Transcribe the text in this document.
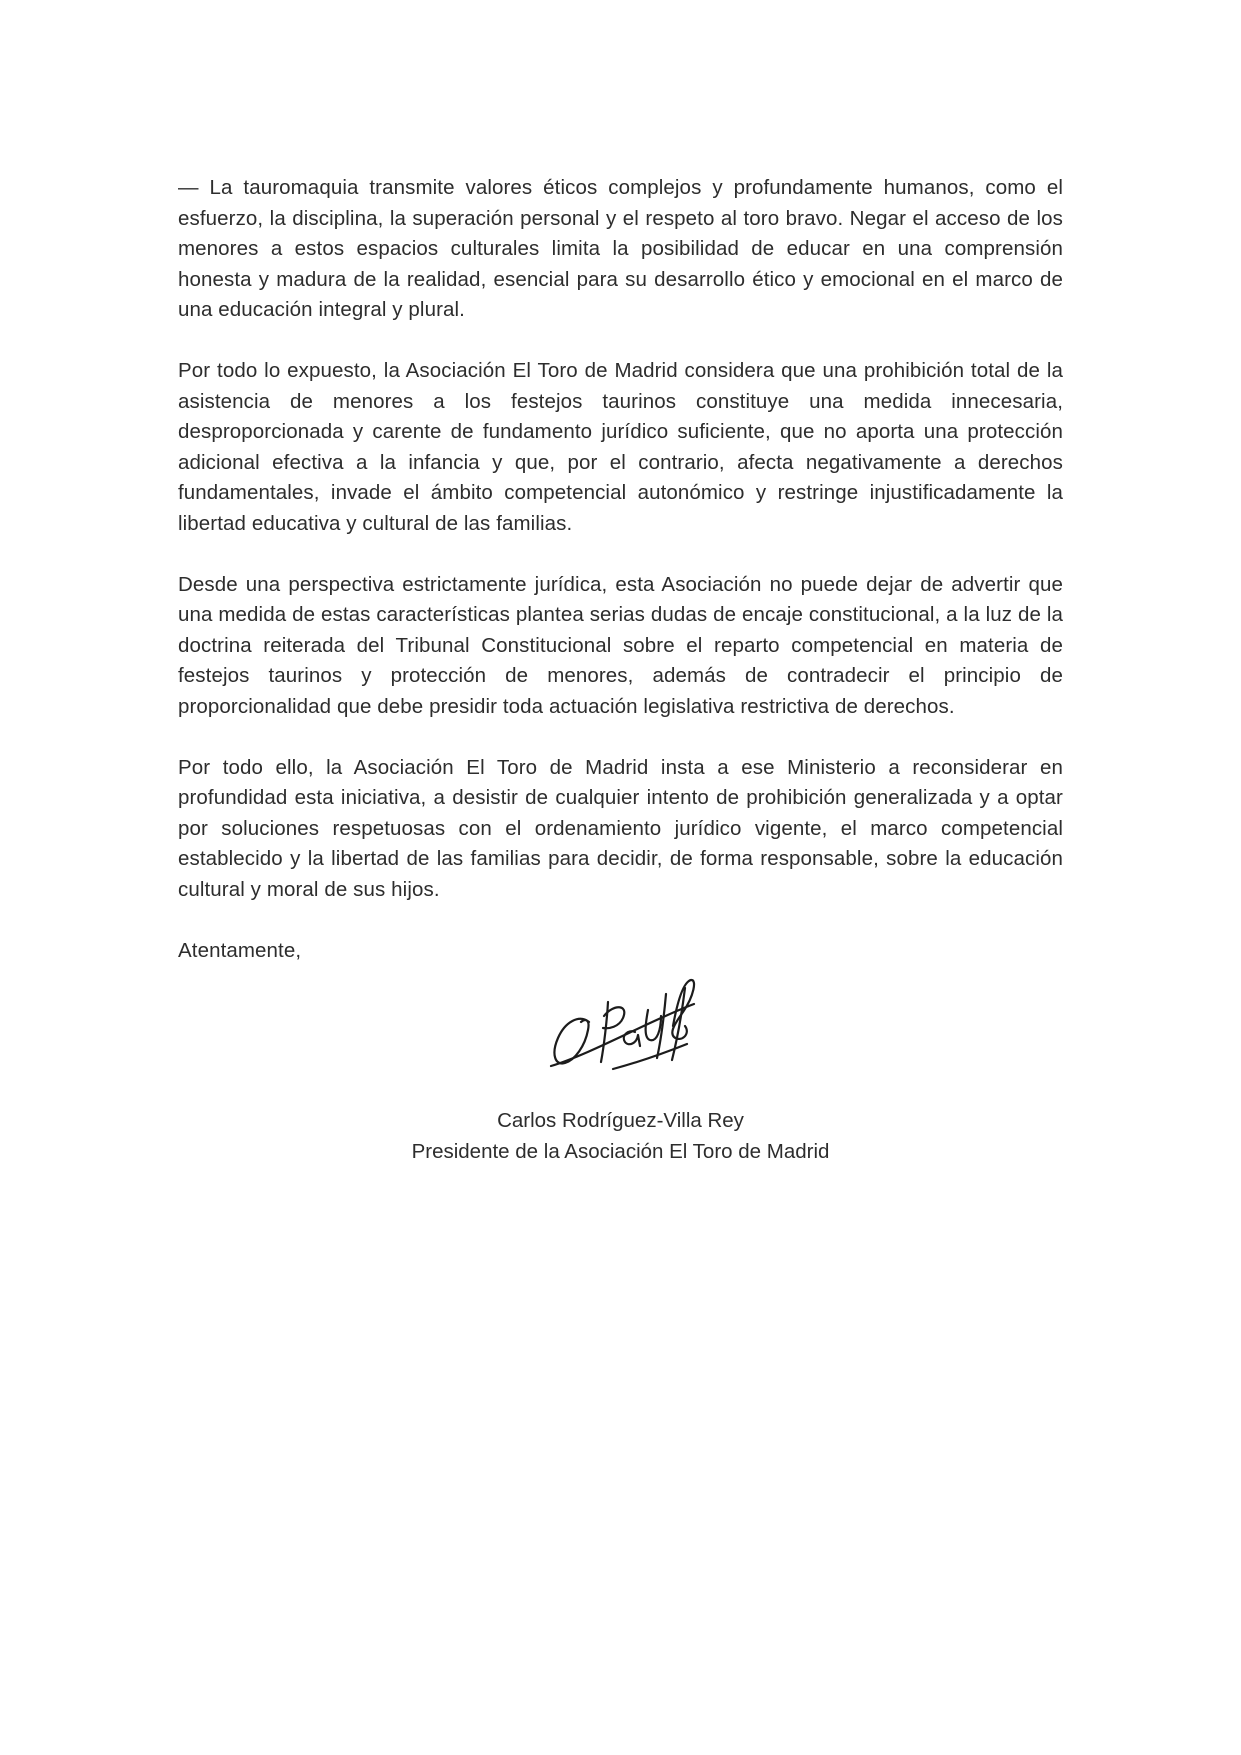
— La tauromaquia transmite valores éticos complejos y profundamente humanos, como el esfuerzo, la disciplina, la superación personal y el respeto al toro bravo. Negar el acceso de los menores a estos espacios culturales limita la posibilidad de educar en una comprensión honesta y madura de la realidad, esencial para su desarrollo ético y emocional en el marco de una educación integral y plural.

Por todo lo expuesto, la Asociación El Toro de Madrid considera que una prohibición total de la asistencia de menores a los festejos taurinos constituye una medida innecesaria, desproporcionada y carente de fundamento jurídico suficiente, que no aporta una protección adicional efectiva a la infancia y que, por el contrario, afecta negativamente a derechos fundamentales, invade el ámbito competencial autonómico y restringe injustificadamente la libertad educativa y cultural de las familias.

Desde una perspectiva estrictamente jurídica, esta Asociación no puede dejar de advertir que una medida de estas características plantea serias dudas de encaje constitucional, a la luz de la doctrina reiterada del Tribunal Constitucional sobre el reparto competencial en materia de festejos taurinos y protección de menores, además de contradecir el principio de proporcionalidad que debe presidir toda actuación legislativa restrictiva de derechos.

Por todo ello, la Asociación El Toro de Madrid insta a ese Ministerio a reconsiderar en profundidad esta iniciativa, a desistir de cualquier intento de prohibición generalizada y a optar por soluciones respetuosas con el ordenamiento jurídico vigente, el marco competencial establecido y la libertad de las familias para decidir, de forma responsable, sobre la educación cultural y moral de sus hijos.

Atentamente,

Carlos Rodríguez-Villa Rey
Presidente de la Asociación El Toro de Madrid
